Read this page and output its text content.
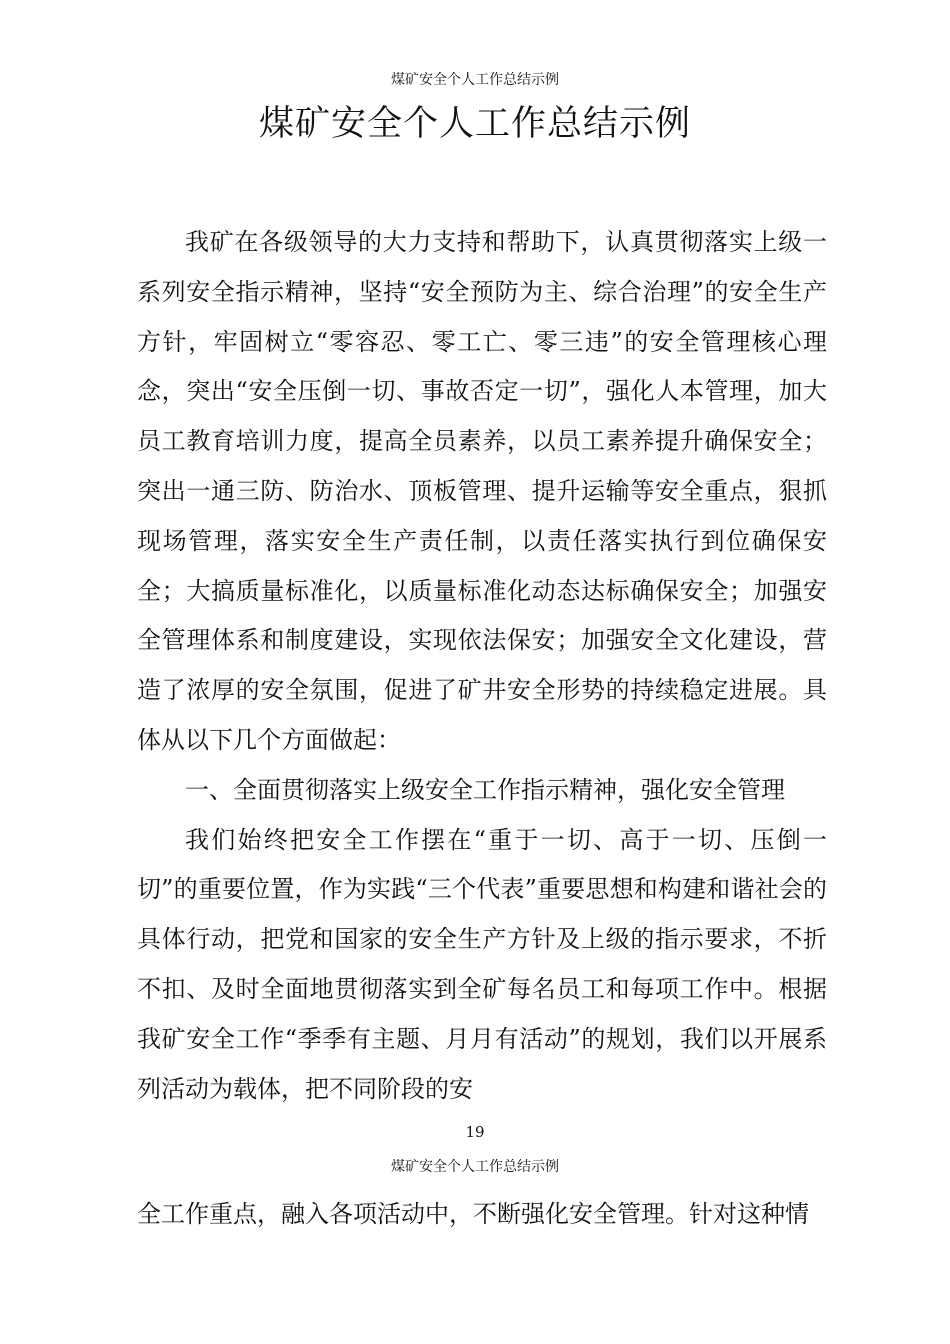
煤矿安全个人工作总结示例
煤矿安全个人工作总结示例

我矿在各级领导的大力支持和帮助下，认真贯彻落实上级一系列安全指示精神，坚持“安全预防为主、综合治理”的安全生产方针，牢固树立“零容忍、零工亡、零三违”的安全管理核心理念，突出“安全压倒一切、事故否定一切”，强化人本管理，加大员工教育培训力度，提高全员素养，以员工素养提升确保安全；突出一通三防、防治水、顶板管理、提升运输等安全重点，狠抓现场管理，落实安全生产责任制，以责任落实执行到位确保安全；大搞质量标准化，以质量标准化动态达标确保安全；加强安全管理体系和制度建设，实现依法保安；加强安全文化建设，营造了浓厚的安全氛围，促进了矿井安全形势的持续稳定进展。具体从以下几个方面做起：

一、全面贯彻落实上级安全工作指示精神，强化安全管理

我们始终把安全工作摆在“重于一切、高于一切、压倒一切”的重要位置，作为实践“三个代表”重要思想和构建和谐社会的具体行动，把党和国家的安全生产方针及上级的指示要求，不折不扣、及时全面地贯彻落实到全矿每名员工和每项工作中。根据我矿安全工作“季季有主题、月月有活动”的规划，我们以开展系列活动为载体，把不同阶段的安

19
煤矿安全个人工作总结示例

全工作重点，融入各项活动中，不断强化安全管理。针对这种情
